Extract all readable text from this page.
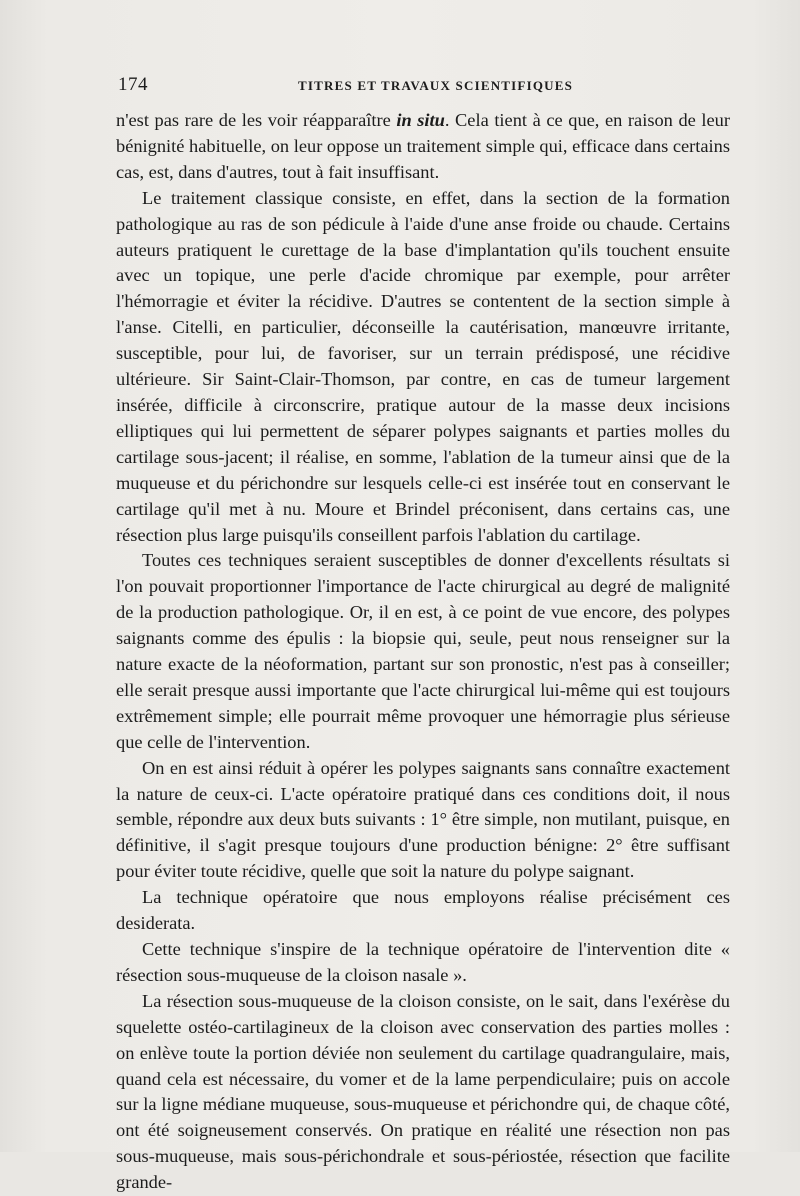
174	TITRES ET TRAVAUX SCIENTIFIQUES

n'est pas rare de les voir réapparaître in situ. Cela tient à ce que, en raison de leur bénignité habituelle, on leur oppose un traitement simple qui, efficace dans certains cas, est, dans d'autres, tout à fait insuffisant.

Le traitement classique consiste, en effet, dans la section de la formation pathologique au ras de son pédicule à l'aide d'une anse froide ou chaude. Certains auteurs pratiquent le curettage de la base d'implantation qu'ils touchent ensuite avec un topique, une perle d'acide chromique par exemple, pour arrêter l'hémorragie et éviter la récidive. D'autres se contentent de la section simple à l'anse. Citelli, en particulier, déconseille la cautérisation, manœuvre irritante, susceptible, pour lui, de favoriser, sur un terrain prédisposé, une récidive ultérieure. Sir Saint-Clair-Thomson, par contre, en cas de tumeur largement insérée, difficile à circonscrire, pratique autour de la masse deux incisions elliptiques qui lui permettent de séparer polypes saignants et parties molles du cartilage sous-jacent; il réalise, en somme, l'ablation de la tumeur ainsi que de la muqueuse et du périchondre sur lesquels celle-ci est insérée tout en conservant le cartilage qu'il met à nu. Moure et Brindel préconisent, dans certains cas, une résection plus large puisqu'ils conseillent parfois l'ablation du cartilage.

Toutes ces techniques seraient susceptibles de donner d'excellents résultats si l'on pouvait proportionner l'importance de l'acte chirurgical au degré de malignité de la production pathologique. Or, il en est, à ce point de vue encore, des polypes saignants comme des épulis : la biopsie qui, seule, peut nous renseigner sur la nature exacte de la néoformation, partant sur son pronostic, n'est pas à conseiller; elle serait presque aussi importante que l'acte chirurgical lui-même qui est toujours extrêmement simple; elle pourrait même provoquer une hémorragie plus sérieuse que celle de l'intervention.

On en est ainsi réduit à opérer les polypes saignants sans connaître exactement la nature de ceux-ci. L'acte opératoire pratiqué dans ces conditions doit, il nous semble, répondre aux deux buts suivants : 1° être simple, non mutilant, puisque, en définitive, il s'agit presque toujours d'une production bénigne: 2° être suffisant pour éviter toute récidive, quelle que soit la nature du polype saignant.

La technique opératoire que nous employons réalise précisément ces desiderata.

Cette technique s'inspire de la technique opératoire de l'intervention dite « résection sous-muqueuse de la cloison nasale ».

La résection sous-muqueuse de la cloison consiste, on le sait, dans l'exérèse du squelette ostéo-cartilagineux de la cloison avec conservation des parties molles : on enlève toute la portion déviée non seulement du cartilage quadrangulaire, mais, quand cela est nécessaire, du vomer et de la lame perpendiculaire; puis on accole sur la ligne médiane muqueuse, sous-muqueuse et périchondre qui, de chaque côté, ont été soigneusement conservés. On pratique en réalité une résection non pas sous-muqueuse, mais sous-périchondrale et sous-périostée, résection que facilite grande-
